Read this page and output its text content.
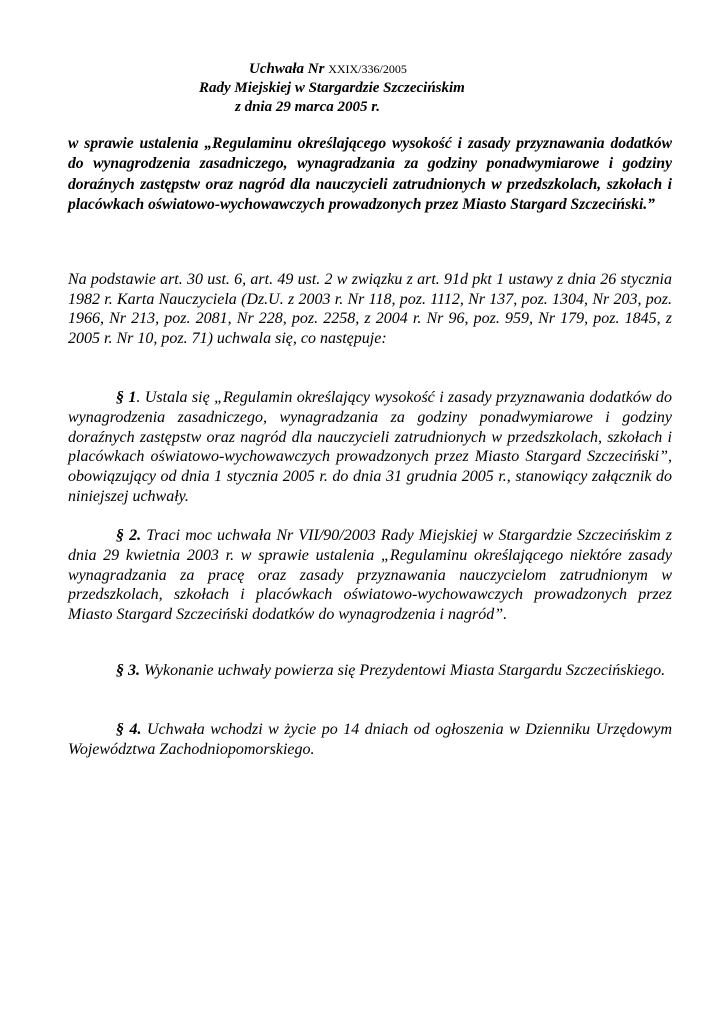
Uchwała Nr XXIX/336/2005
Rady Miejskiej w Stargardzie Szczecińskim
z dnia 29 marca 2005 r.

w sprawie ustalenia „Regulaminu określającego wysokość i zasady przyznawania dodatków do wynagrodzenia zasadniczego, wynagradzania za godziny ponadwymiarowe i godziny doraźnych zastępstw oraz nagród dla nauczycieli zatrudnionych w przedszkolach, szkołach i placówkach oświatowo-wychowawczych prowadzonych przez Miasto Stargard Szczeciński.”

Na podstawie art. 30 ust. 6, art. 49 ust. 2 w związku z art. 91d pkt 1 ustawy z dnia 26 stycznia 1982 r. Karta Nauczyciela (Dz.U. z 2003 r. Nr 118, poz. 1112, Nr 137, poz. 1304, Nr 203, poz. 1966, Nr 213, poz. 2081, Nr 228, poz. 2258, z 2004 r. Nr 96, poz. 959, Nr 179, poz. 1845, z 2005 r. Nr 10, poz. 71) uchwala się, co następuje:

§ 1. Ustala się „Regulamin określający wysokość i zasady przyznawania dodatków do wynagrodzenia zasadniczego, wynagradzania za godziny ponadwymiarowe i godziny doraźnych zastępstw oraz nagród dla nauczycieli zatrudnionych w przedszkolach, szkołach i placówkach oświatowo-wychowawczych prowadzonych przez Miasto Stargard Szczeciński”, obowiązujący od dnia 1 stycznia 2005 r. do dnia 31 grudnia 2005 r., stanowiący załącznik do niniejszej uchwały.

§ 2. Traci moc uchwała Nr VII/90/2003 Rady Miejskiej w Stargardzie Szczecińskim z dnia 29 kwietnia 2003 r. w sprawie ustalenia „Regulaminu określającego niektóre zasady wynagradzania za pracę oraz zasady przyznawania nauczycielom zatrudnionym w przedszkolach, szkołach i placówkach oświatowo-wychowawczych prowadzonych przez Miasto Stargard Szczeciński dodatków do wynagrodzenia i nagród”.

§ 3. Wykonanie uchwały powierza się Prezydentowi Miasta Stargardu Szczecińskiego.

§ 4. Uchwała wchodzi w życie po 14 dniach od ogłoszenia w Dzienniku Urzędowym Województwa Zachodniopomorskiego.
